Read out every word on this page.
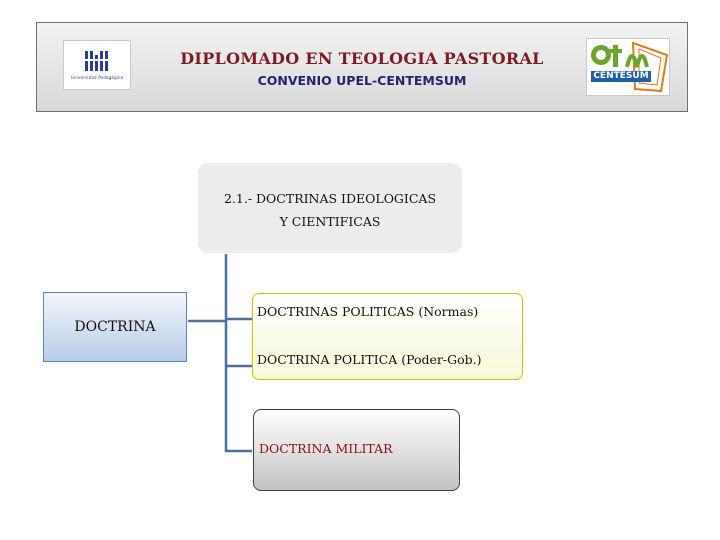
Universidad Pedagógica
DIPLOMADO EN TEOLOGIA PASTORAL
CONVENIO UPEL-CENTEMSUM	CENTESUM
· · · · · · · · · ·
2.1.- DOCTRINAS IDEOLOGICAS
Y CIENTIFICAS
DOCTRINA
DOCTRINAS POLITICAS (Normas)
DOCTRINA POLITICA (Poder-Gob.)
DOCTRINA MILITAR
